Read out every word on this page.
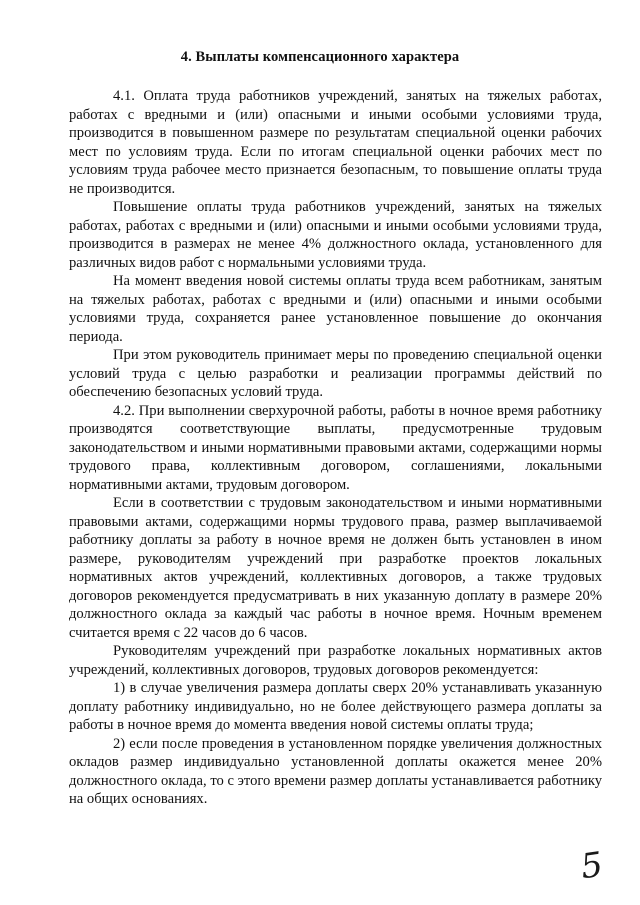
4. Выплаты компенсационного характера

4.1. Оплата труда работников учреждений, занятых на тяжелых работах, работах с вредными и (или) опасными и иными особыми условиями труда, производится в повышенном размере по результатам специальной оценки рабочих мест по условиям труда. Если по итогам специальной оценки рабочих мест по условиям труда рабочее место признается безопасным, то повышение оплаты труда не производится.

Повышение оплаты труда работников учреждений, занятых на тяжелых работах, работах с вредными и (или) опасными и иными особыми условиями труда, производится в размерах не менее 4% должностного оклада, установленного для различных видов работ с нормальными условиями труда.

На момент введения новой системы оплаты труда всем работникам, занятым на тяжелых работах, работах с вредными и (или) опасными и иными особыми условиями труда, сохраняется ранее установленное повышение до окончания периода.

При этом руководитель принимает меры по проведению специальной оценки условий труда с целью разработки и реализации программы действий по обеспечению безопасных условий труда.

4.2. При выполнении сверхурочной работы, работы в ночное время работнику производятся соответствующие выплаты, предусмотренные трудовым законодательством и иными нормативными правовыми актами, содержащими нормы трудового права, коллективным договором, соглашениями, локальными нормативными актами, трудовым договором.

Если в соответствии с трудовым законодательством и иными нормативными правовыми актами, содержащими нормы трудового права, размер выплачиваемой работнику доплаты за работу в ночное время не должен быть установлен в ином размере, руководителям учреждений при разработке проектов локальных нормативных актов учреждений, коллективных договоров, а также трудовых договоров рекомендуется предусматривать в них указанную доплату в размере 20% должностного оклада за каждый час работы в ночное время. Ночным временем считается время с 22 часов до 6 часов.

Руководителям учреждений при разработке локальных нормативных актов учреждений, коллективных договоров, трудовых договоров рекомендуется:

1) в случае увеличения размера доплаты сверх 20% устанавливать указанную доплату работнику индивидуально, но не более действующего размера доплаты за работы в ночное время до момента введения новой системы оплаты труда;

2) если после проведения в установленном порядке увеличения должностных окладов размер индивидуально установленной доплаты окажется менее 20% должностного оклада, то с этого времени размер доплаты устанавливается работнику на общих основаниях.

5
